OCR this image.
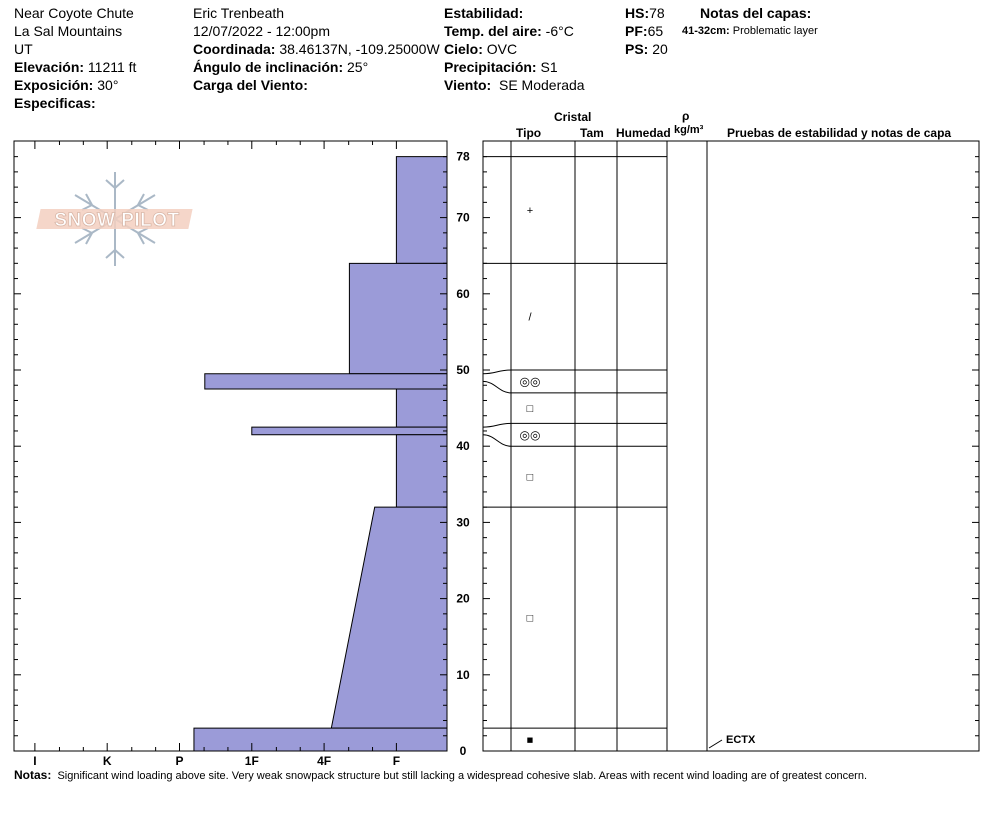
Near Coyote Chute
La Sal Mountains
UT
Elevación: 11211 ft
Exposición: 30°
Especificas:
Eric Trenbeath
12/07/2022 - 12:00pm
Coordinada: 38.46137N, -109.25000W
Ángulo de inclinación: 25°
Carga del Viento:
Estabilidad:
Temp. del aire: -6°C
Cielo: OVC
Precipitación: S1
Viento: SE Moderada
HS:78
PF:65
PS: 20
Notas del capas:
41-32cm: Problematic layer
Cristal
Tipo	Tam Humedad
ρ
kg/m³ Pruebas de estabilidad y notas de capa
SNOW PILOT
0
10
20
30
40
50
60
70
78
I	K	P	1F	4F	F
+
/
◎◎
□
◎◎
□
□
■	ECTX
Notas: Significant wind loading above site. Very weak snowpack structure but still lacking a widespread cohesive slab. Areas with recent wind loading are of greatest concern.
